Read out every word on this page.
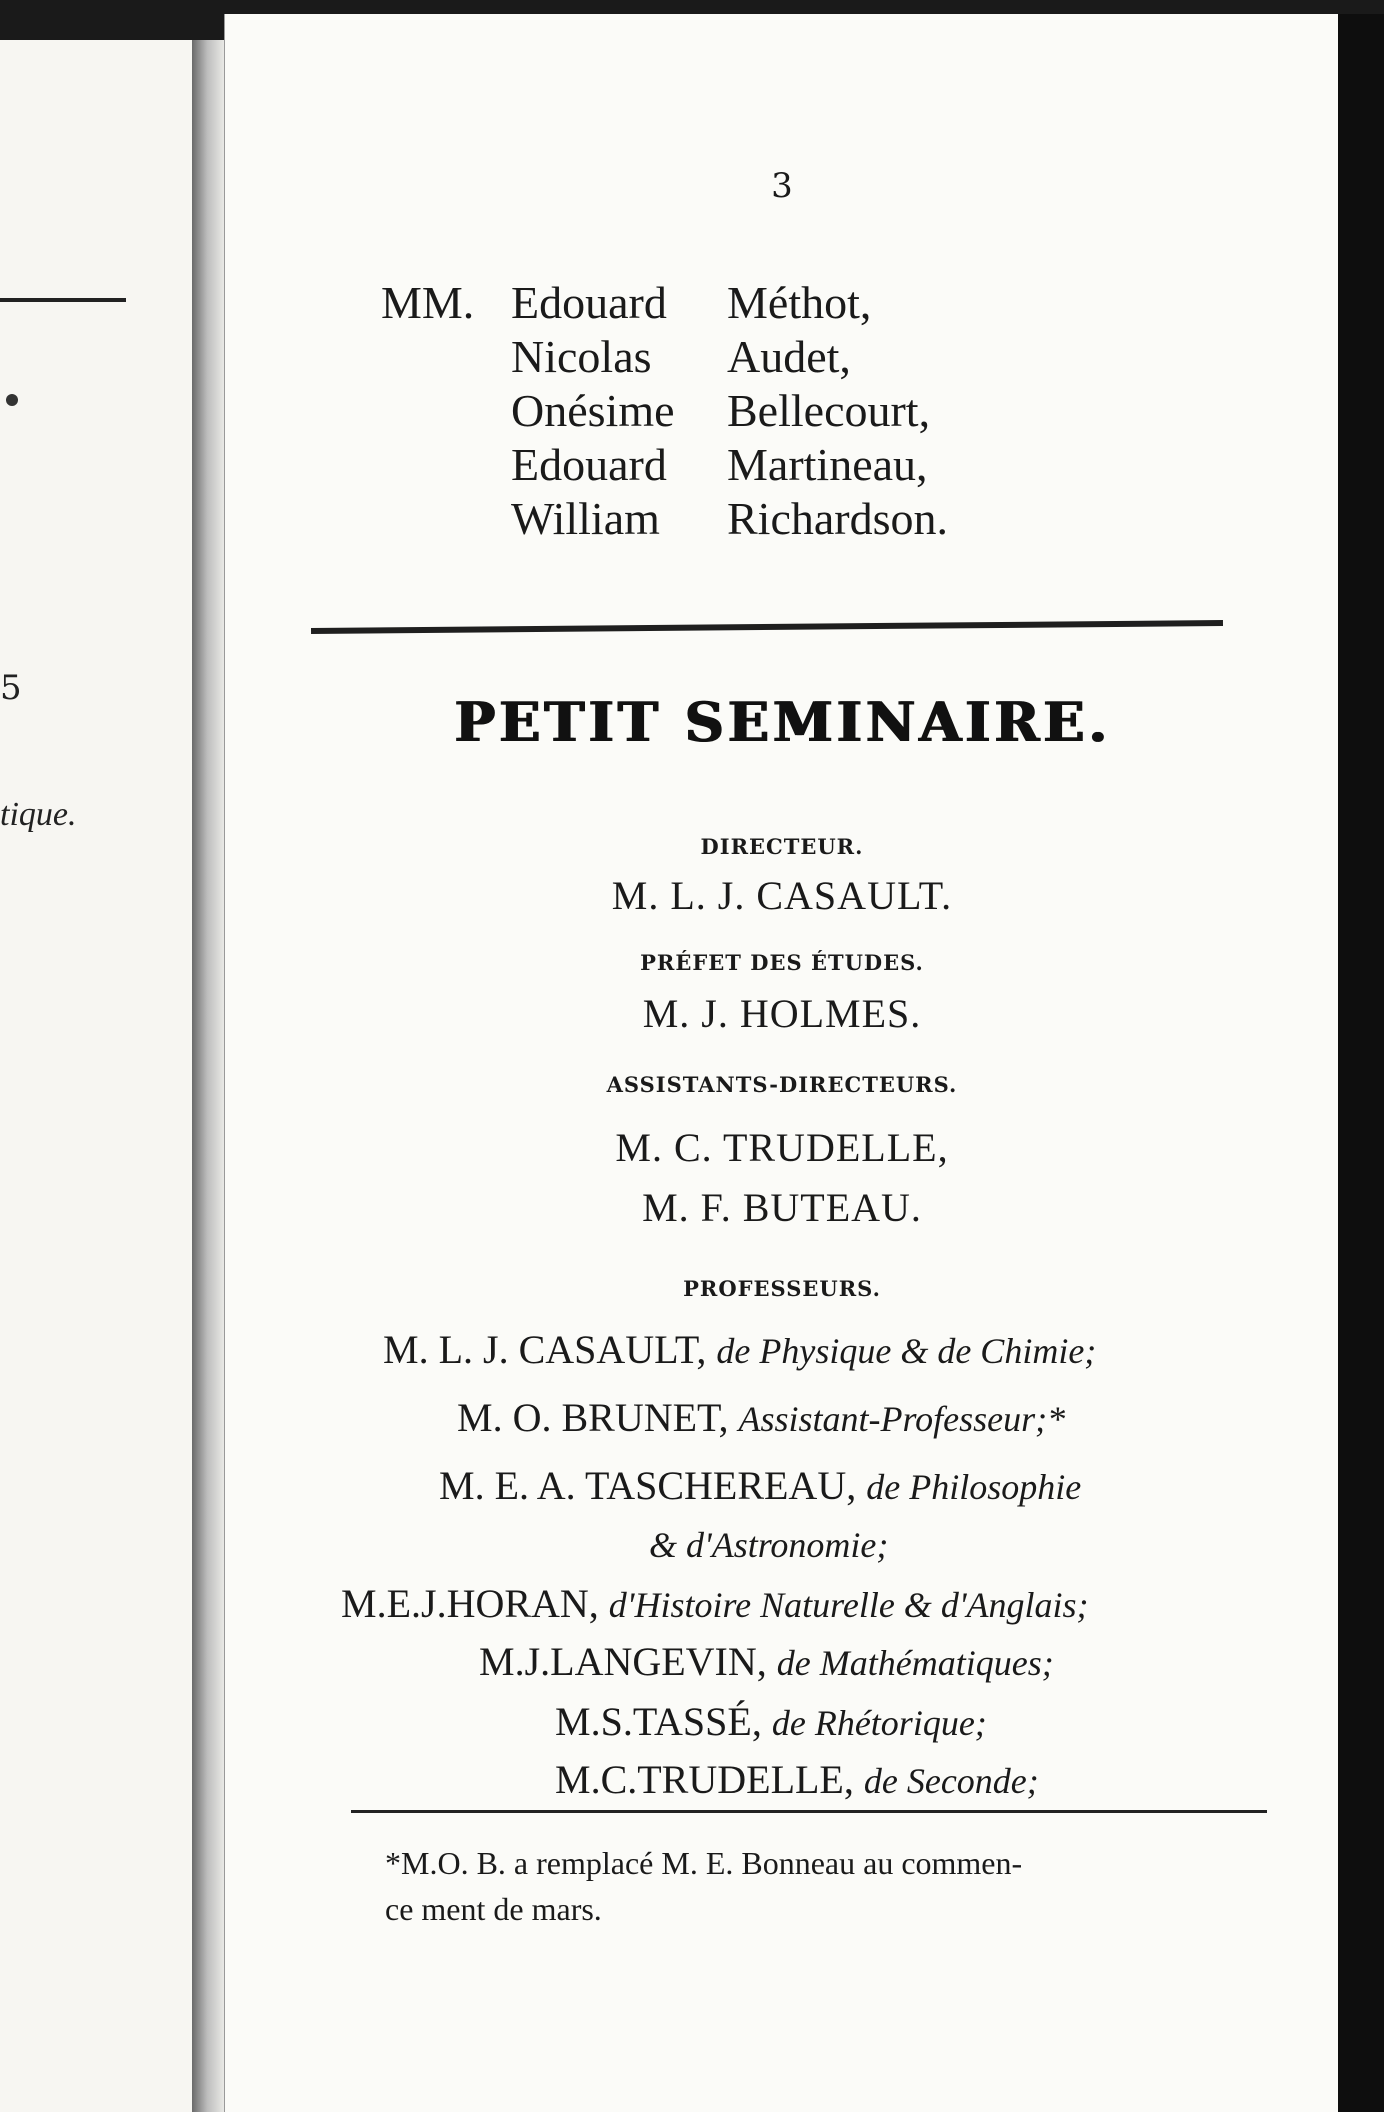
5
tique.
3
MM. Edouard Méthot,
Nicolas Audet,
Onésime Bellecourt,
Edouard Martineau,
William Richardson.
PETIT SEMINAIRE.
DIRECTEUR.
M. L. J. CASAULT.
PRÉFET DES ÉTUDES.
M. J. HOLMES.
ASSISTANTS-DIRECTEURS.
M. C. TRUDELLE,
M. F. BUTEAU.
PROFESSEURS.
M. L. J. CASAULT, de Physique & de Chimie;
M. O. BRUNET, Assistant-Professeur;*
M. E. A. TASCHEREAU, de Philosophie
& d'Astronomie;
M.E.J.HORAN, d'Histoire Naturelle & d'Anglais;
M.J.LANGEVIN, de Mathématiques;
M.S.TASSÉ, de Rhétorique;
M.C.TRUDELLE, de Seconde;
*M.O. B. a remplacé M. E. Bonneau au commen-
ce ment de mars.
